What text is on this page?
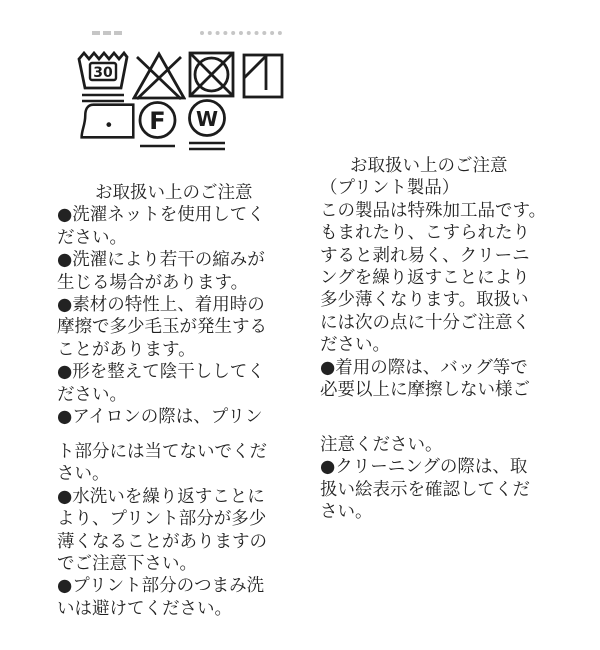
30
F W
お取扱い上のご注意
●洗濯ネットを使用してく
ださい。
●洗濯により若干の縮みが
生じる場合があります。
●素材の特性上、着用時の
摩擦で多少毛玉が発生する
ことがあります。
●形を整えて陰干ししてく
ださい。
●アイロンの際は、プリン
ト部分には当てないでくだ
さい。
●水洗いを繰り返すことに
より、プリント部分が多少
薄くなることがありますの
でご注意下さい。
●プリント部分のつまみ洗
いは避けてください。
お取扱い上のご注意
（プリント製品）
この製品は特殊加工品です。
もまれたり、こすられたり
すると剥れ易く、クリーニ
ングを繰り返すことにより
多少薄くなります。取扱い
には次の点に十分ご注意く
ださい。
●着用の際は、バッグ等で
必要以上に摩擦しない様ご
注意ください。
●クリーニングの際は、取
扱い絵表示を確認してくだ
さい。
